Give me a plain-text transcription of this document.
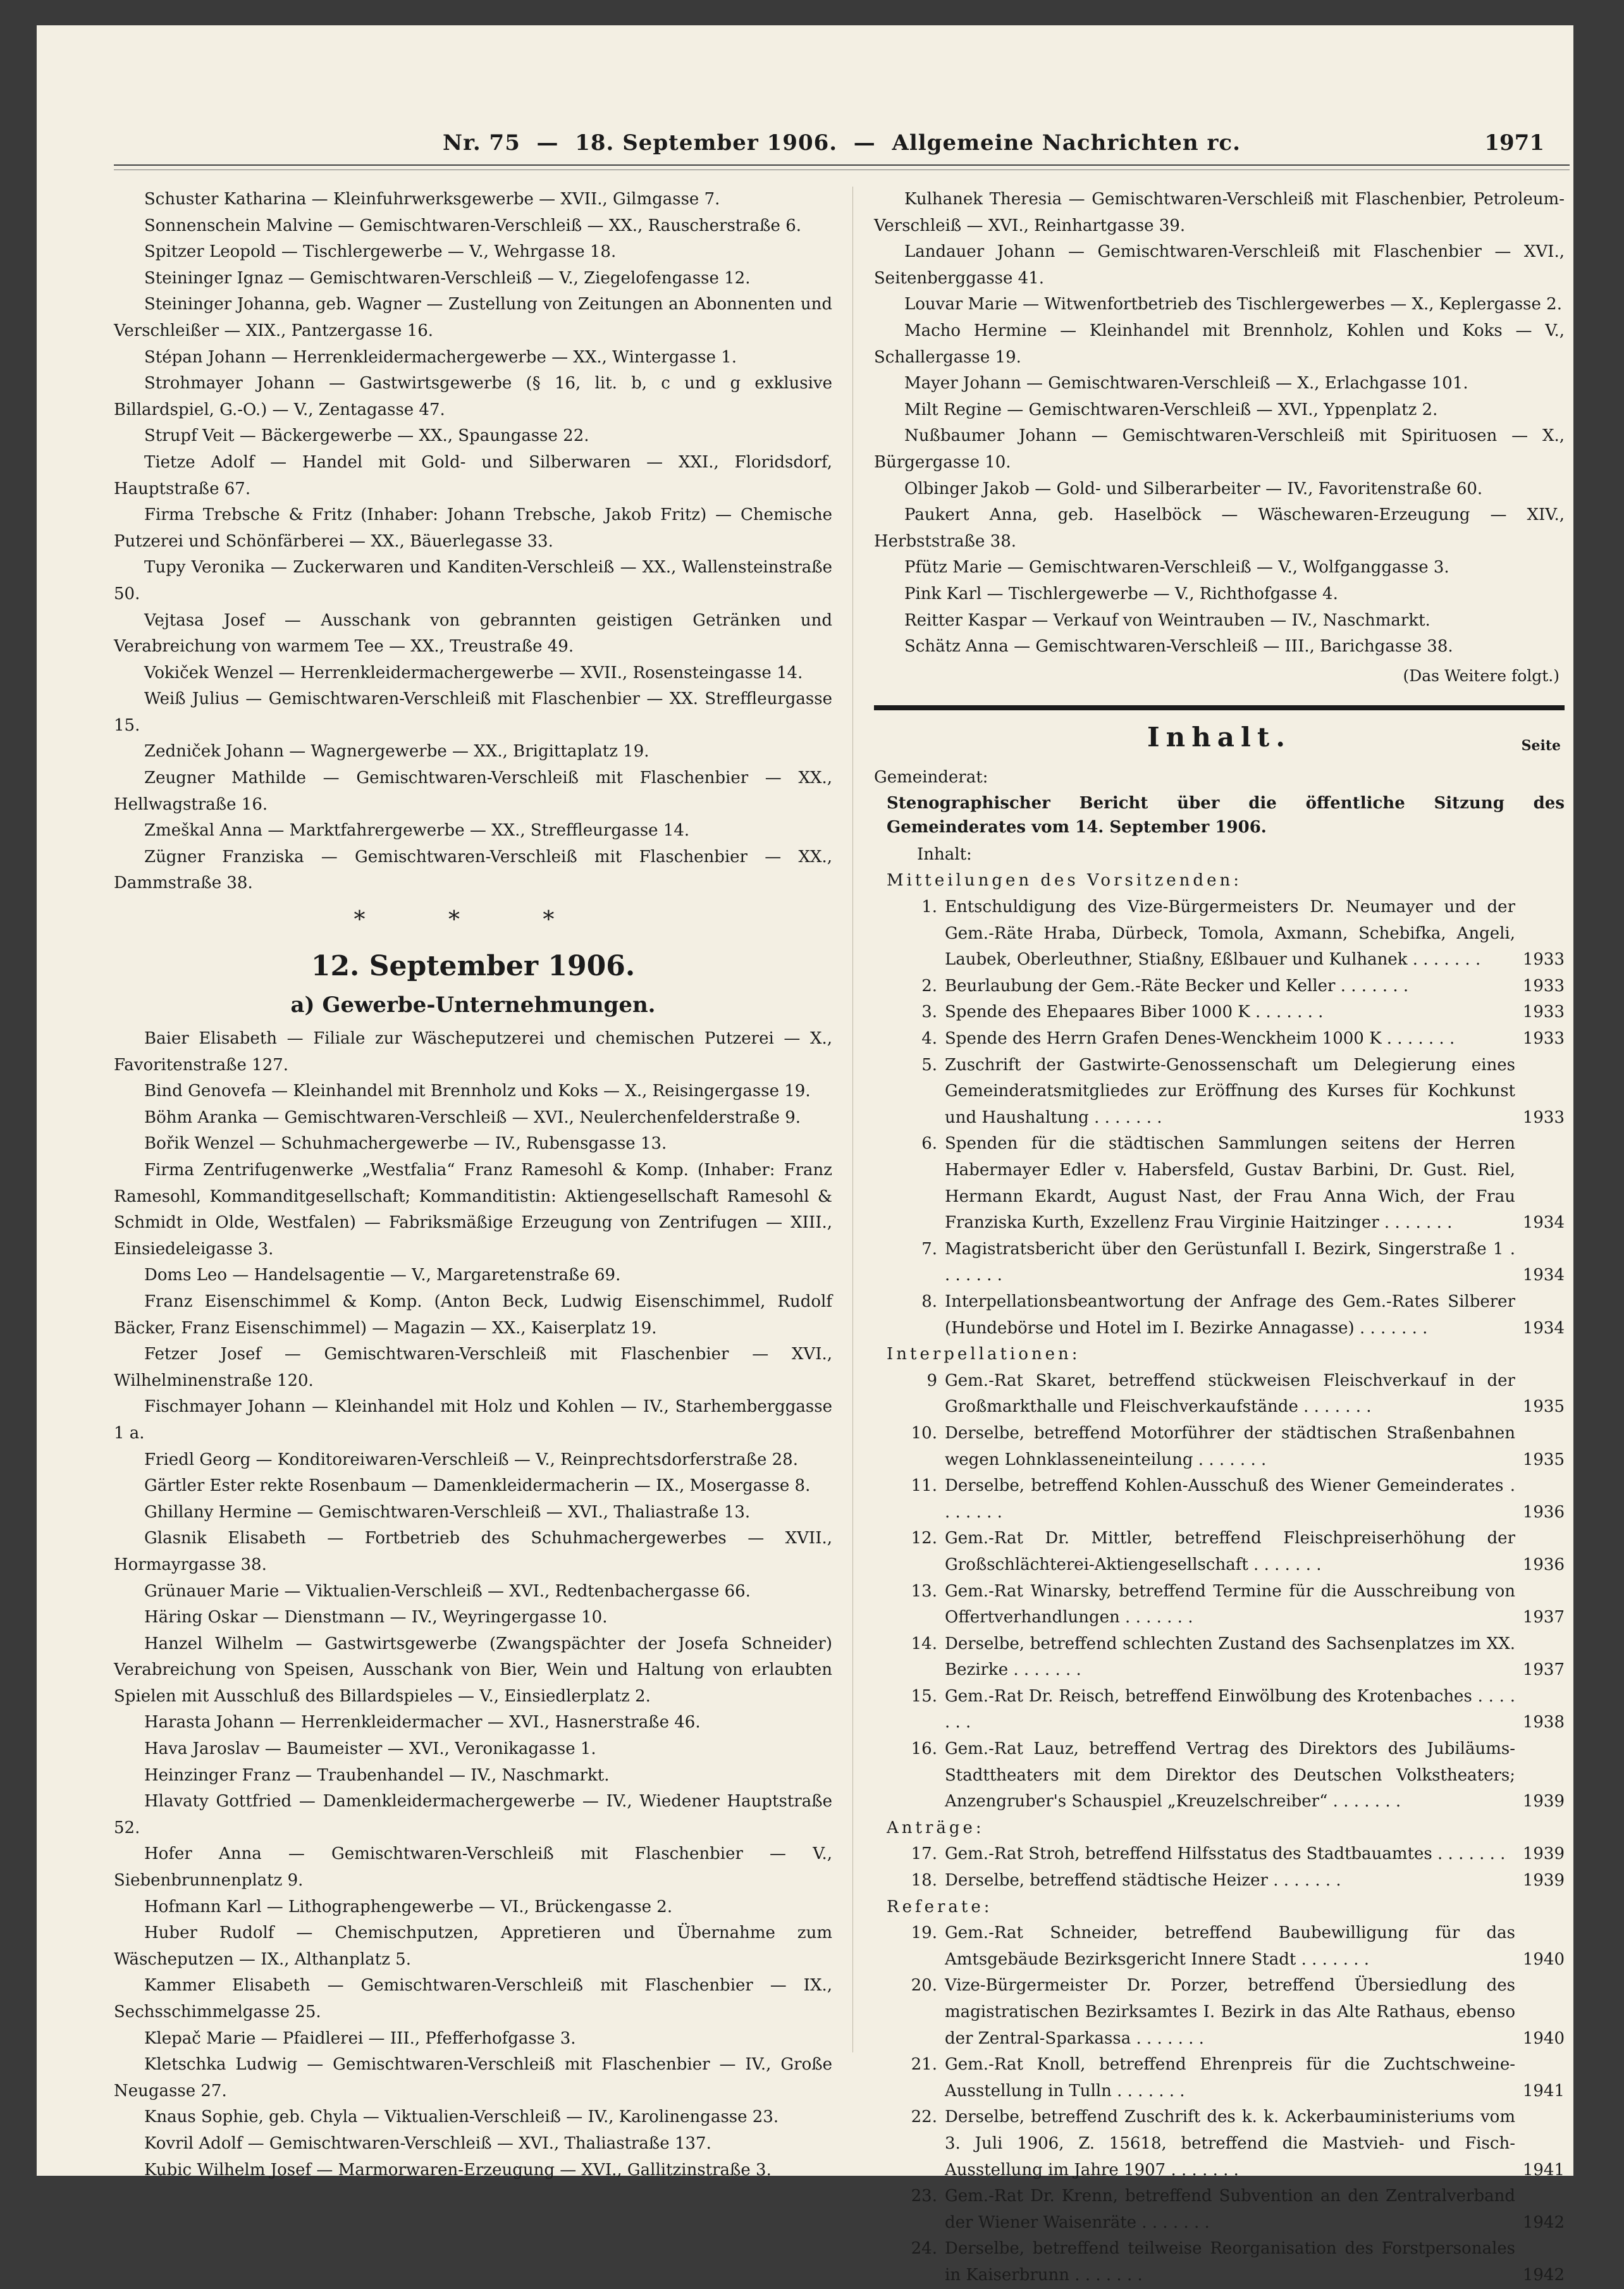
Nr. 75  —  18. September 1906.  —  Allgemeine Nachrichten rc.	1971

Schuster Katharina — Kleinfuhrwerksgewerbe — XVII., Gilmgasse 7.

Sonnenschein Malvine — Gemischtwaren-Verschleiß — XX., Rauscherstraße 6.

Spitzer Leopold — Tischlergewerbe — V., Wehrgasse 18.

Steininger Ignaz — Gemischtwaren-Verschleiß — V., Ziegelofengasse 12.

Steininger Johanna, geb. Wagner — Zustellung von Zeitungen an Abonnenten und Verschleißer — XIX., Pantzergasse 16.

Stépan Johann — Herrenkleidermachergewerbe — XX., Wintergasse 1.

Strohmayer Johann — Gastwirtsgewerbe (§ 16, lit. b, c und g exklusive Billardspiel, G.-O.) — V., Zentagasse 47.

Strupf Veit — Bäckergewerbe — XX., Spaungasse 22.

Tietze Adolf — Handel mit Gold- und Silberwaren — XXI., Floridsdorf, Hauptstraße 67.

Firma Trebsche & Fritz (Inhaber: Johann Trebsche, Jakob Fritz) — Chemische Putzerei und Schönfärberei — XX., Bäuerlegasse 33.

Tupy Veronika — Zuckerwaren und Kanditen-Verschleiß — XX., Wallensteinstraße 50.

Vejtasa Josef — Ausschank von gebrannten geistigen Getränken und Verabreichung von warmem Tee — XX., Treustraße 49.

Vokiček Wenzel — Herrenkleidermachergewerbe — XVII., Rosensteingasse 14.

Weiß Julius — Gemischtwaren-Verschleiß mit Flaschenbier — XX. Streffleurgasse 15.

Zedniček Johann — Wagnergewerbe — XX., Brigittaplatz 19.

Zeugner Mathilde — Gemischtwaren-Verschleiß mit Flaschenbier — XX., Hellwagstraße 16.

Zmeškal Anna — Marktfahrergewerbe — XX., Streffleurgasse 14.

Zügner Franziska — Gemischtwaren-Verschleiß mit Flaschenbier — XX., Dammstraße 38.

* * *
12. September 1906.
a) Gewerbe-Unternehmungen.

Baier Elisabeth — Filiale zur Wäscheputzerei und chemischen Putzerei — X., Favoritenstraße 127.

Bind Genovefa — Kleinhandel mit Brennholz und Koks — X., Reisingergasse 19.

Böhm Aranka — Gemischtwaren-Verschleiß — XVI., Neulerchenfelderstraße 9.

Bořik Wenzel — Schuhmachergewerbe — IV., Rubensgasse 13.

Firma Zentrifugenwerke „Westfalia“ Franz Ramesohl & Komp. (Inhaber: Franz Ramesohl, Kommanditgesellschaft; Kommanditistin: Aktiengesellschaft Ramesohl & Schmidt in Olde, Westfalen) — Fabriksmäßige Erzeugung von Zentrifugen — XIII., Einsiedeleigasse 3.

Doms Leo — Handelsagentie — V., Margaretenstraße 69.

Franz Eisenschimmel & Komp. (Anton Beck, Ludwig Eisenschimmel, Rudolf Bäcker, Franz Eisenschimmel) — Magazin — XX., Kaiserplatz 19.

Fetzer Josef — Gemischtwaren-Verschleiß mit Flaschenbier — XVI., Wilhelminenstraße 120.

Fischmayer Johann — Kleinhandel mit Holz und Kohlen — IV., Starhemberggasse 1 a.

Friedl Georg — Konditoreiwaren-Verschleiß — V., Reinprechtsdorferstraße 28.

Gärtler Ester rekte Rosenbaum — Damenkleidermacherin — IX., Mosergasse 8.

Ghillany Hermine — Gemischtwaren-Verschleiß — XVI., Thaliastraße 13.

Glasnik Elisabeth — Fortbetrieb des Schuhmachergewerbes — XVII., Hormayrgasse 38.

Grünauer Marie — Viktualien-Verschleiß — XVI., Redtenbachergasse 66.

Häring Oskar — Dienstmann — IV., Weyringergasse 10.

Hanzel Wilhelm — Gastwirtsgewerbe (Zwangspächter der Josefa Schneider) Verabreichung von Speisen, Ausschank von Bier, Wein und Haltung von erlaubten Spielen mit Ausschluß des Billardspieles — V., Einsiedlerplatz 2.

Harasta Johann — Herrenkleidermacher — XVI., Hasnerstraße 46.

Hava Jaroslav — Baumeister — XVI., Veronikagasse 1.

Heinzinger Franz — Traubenhandel — IV., Naschmarkt.

Hlavaty Gottfried — Damenkleidermachergewerbe — IV., Wiedener Hauptstraße 52.

Hofer Anna — Gemischtwaren-Verschleiß mit Flaschenbier — V., Siebenbrunnenplatz 9.

Hofmann Karl — Lithographengewerbe — VI., Brückengasse 2.

Huber Rudolf — Chemischputzen, Appretieren und Übernahme zum Wäscheputzen — IX., Althanplatz 5.

Kammer Elisabeth — Gemischtwaren-Verschleiß mit Flaschenbier — IX., Sechsschimmelgasse 25.

Klepač Marie — Pfaidlerei — III., Pfefferhofgasse 3.

Kletschka Ludwig — Gemischtwaren-Verschleiß mit Flaschenbier — IV., Große Neugasse 27.

Knaus Sophie, geb. Chyla — Viktualien-Verschleiß — IV., Karolinengasse 23.

Kovril Adolf — Gemischtwaren-Verschleiß — XVI., Thaliastraße 137.

Kubic Wilhelm Josef — Marmorwaren-Erzeugung — XVI., Gallitzinstraße 3.

Kulhanek Theresia — Gemischtwaren-Verschleiß mit Flaschenbier, Petroleum-Verschleiß — XVI., Reinhartgasse 39.

Landauer Johann — Gemischtwaren-Verschleiß mit Flaschenbier — XVI., Seitenberggasse 41.

Louvar Marie — Witwenfortbetrieb des Tischlergewerbes — X., Keplergasse 2.

Macho Hermine — Kleinhandel mit Brennholz, Kohlen und Koks — V., Schallergasse 19.

Mayer Johann — Gemischtwaren-Verschleiß — X., Erlachgasse 101.

Milt Regine — Gemischtwaren-Verschleiß — XVI., Yppenplatz 2.

Nußbaumer Johann — Gemischtwaren-Verschleiß mit Spirituosen — X., Bürgergasse 10.

Olbinger Jakob — Gold- und Silberarbeiter — IV., Favoritenstraße 60.

Paukert Anna, geb. Haselböck — Wäschewaren-Erzeugung — XIV., Herbststraße 38.

Pfütz Marie — Gemischtwaren-Verschleiß — V., Wolfganggasse 3.

Pink Karl — Tischlergewerbe — V., Richthofgasse 4.

Reitter Kaspar — Verkauf von Weintrauben — IV., Naschmarkt.

Schätz Anna — Gemischtwaren-Verschleiß — III., Barichgasse 38.

(Das Weitere folgt.)
Inhalt.	Seite

Gemeinderat:

Stenographischer Bericht über die öffentliche Sitzung des Gemeinderates vom 14. September 1906.

Inhalt:

Mitteilungen des Vorsitzenden:

1. Entschuldigung des Vize-Bürgermeisters Dr. Neumayer und der Gem.-Räte Hraba, Dürbeck, Tomola, Axmann, Schebifka, Angeli, Laubek, Oberleuthner, Stiaßny, Eßlbauer und Kulhanek . . . . . . .	1933
2. Beurlaubung der Gem.-Räte Becker und Keller . . . . . . .	1933
3. Spende des Ehepaares Biber 1000 K . . . . . . .	1933
4. Spende des Herrn Grafen Denes-Wenckheim 1000 K . . . . . . .	1933
5. Zuschrift der Gastwirte-Genossenschaft um Delegierung eines Gemeinderatsmitgliedes zur Eröffnung des Kurses für Kochkunst und Haushaltung . . . . . . .	1933
6. Spenden für die städtischen Sammlungen seitens der Herren Habermayer Edler v. Habersfeld, Gustav Barbini, Dr. Gust. Riel, Hermann Ekardt, August Nast, der Frau Anna Wich, der Frau Franziska Kurth, Exzellenz Frau Virginie Haitzinger . . . . . . .	1934
7. Magistratsbericht über den Gerüstunfall I. Bezirk, Singerstraße 1 . . . . . . .	1934
8. Interpellationsbeantwortung der Anfrage des Gem.-Rates Silberer (Hundebörse und Hotel im I. Bezirke Annagasse) . . . . . . .	1934

Interpellationen:

9 Gem.-Rat Skaret, betreffend stückweisen Fleischverkauf in der Großmarkthalle und Fleischverkaufstände . . . . . . .	1935
10. Derselbe, betreffend Motorführer der städtischen Straßenbahnen wegen Lohnklasseneinteilung . . . . . . .	1935
11. Derselbe, betreffend Kohlen-Ausschuß des Wiener Gemeinderates . . . . . . .	1936
12. Gem.-Rat Dr. Mittler, betreffend Fleischpreiserhöhung der Großschlächterei-Aktiengesellschaft . . . . . . .	1936
13. Gem.-Rat Winarsky, betreffend Termine für die Ausschreibung von Offertverhandlungen . . . . . . .	1937
14. Derselbe, betreffend schlechten Zustand des Sachsenplatzes im XX. Bezirke . . . . . . .	1937
15. Gem.-Rat Dr. Reisch, betreffend Einwölbung des Krotenbaches . . . . . . .	1938
16. Gem.-Rat Lauz, betreffend Vertrag des Direktors des Jubiläums-Stadttheaters mit dem Direktor des Deutschen Volkstheaters; Anzengruber's Schauspiel „Kreuzelschreiber“ . . . . . . .	1939

Anträge:

17. Gem.-Rat Stroh, betreffend Hilfsstatus des Stadtbauamtes . . . . . . .	1939
18. Derselbe, betreffend städtische Heizer . . . . . . .	1939

Referate:

19. Gem.-Rat Schneider, betreffend Baubewilligung für das Amtsgebäude Bezirksgericht Innere Stadt . . . . . . .	1940
20. Vize-Bürgermeister Dr. Porzer, betreffend Übersiedlung des magistratischen Bezirksamtes I. Bezirk in das Alte Rathaus, ebenso der Zentral-Sparkassa . . . . . . .	1940
21. Gem.-Rat Knoll, betreffend Ehrenpreis für die Zuchtschweine-Ausstellung in Tulln . . . . . . .	1941
22. Derselbe, betreffend Zuschrift des k. k. Ackerbauministeriums vom 3. Juli 1906, Z. 15618, betreffend die Mastvieh- und Fisch-Ausstellung im Jahre 1907 . . . . . . .	1941
23. Gem.-Rat Dr. Krenn, betreffend Subvention an den Zentralverband der Wiener Waisenräte . . . . . . .	1942
24. Derselbe, betreffend teilweise Reorganisation des Forstpersonales in Kaiserbrunn . . . . . . .	1942
